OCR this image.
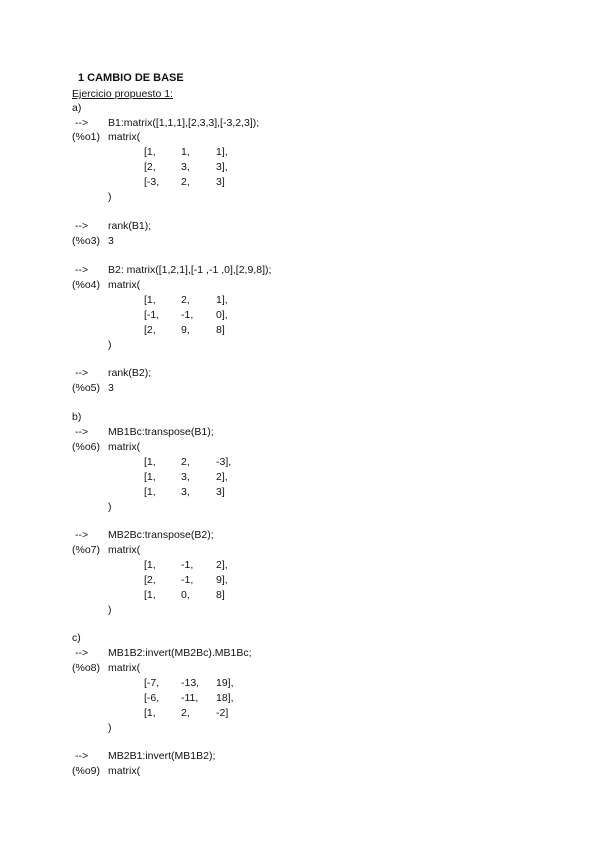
1 CAMBIO DE BASE
Ejercicio propuesto 1:
a)
--> B1:matrix([1,1,1],[2,3,3],[-3,2,3]);
(%o1) matrix(
[1, 1, 1],
[2, 3, 3],
[-3, 2, 3]
)
--> rank(B1);
(%o3) 3
--> B2: matrix([1,2,1],[-1 ,-1 ,0],[2,9,8]);
(%o4) matrix(
[1, 2, 1],
[-1, -1, 0],
[2, 9, 8]
)
--> rank(B2);
(%o5) 3
b)
--> MB1Bc:transpose(B1);
(%o6) matrix(
[1, 2, -3],
[1, 3, 2],
[1, 3, 3]
)
--> MB2Bc:transpose(B2);
(%o7) matrix(
[1, -1, 2],
[2, -1, 9],
[1, 0, 8]
)
c)
--> MB1B2:invert(MB2Bc).MB1Bc;
(%o8) matrix(
[-7, -13, 19],
[-6, -11, 18],
[1, 2, -2]
)
--> MB2B1:invert(MB1B2);
(%o9) matrix(
